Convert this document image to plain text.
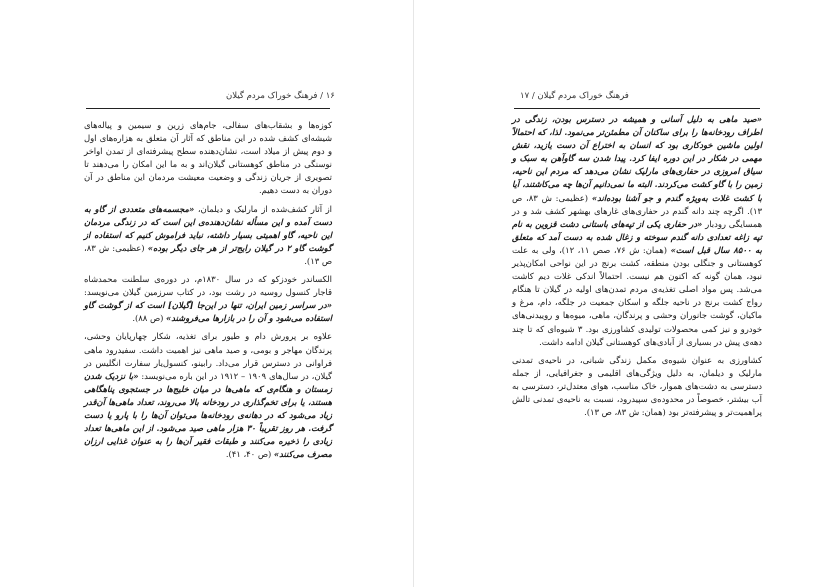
۱۶ / فرهنگ خوراک مردم گیلان

کوزه‌ها و بشقاب‌های سفالی، جام‌های زرین و سیمین و پیاله‌های شیشه‌ای کشف شده در این مناطق که آثار آن متعلق به هزاره‌های اول و دوم پیش از میلاد است، نشان‌دهنده سطح پیشرفته‌ای از تمدن اواخر نوسنگی در مناطق کوهستانی گیلان‌اند و به ما این امکان را می‌دهند تا تصویری از جریان زندگی و وضعیت معیشت مردمان این مناطق در آن دوران به دست دهیم.

از آثار کشف‌شده از مارلیک و دیلمان، «مجسمه‌های متعددی از گاو به دست آمده و این مسأله نشان‌دهنده‌ی این است که در زندگی مردمان این ناحیه، گاو اهمیتی بسیار داشته، نباید فراموش کنیم که استفاده از گوشت گاو ۲ در گیلان رایج‌تر از هر جای دیگر بوده» (عظیمی: ش ۸۳، ص ۱۳).

الکساندر خودزکو که در سال ۱۸۳۰م، در دوره‌ی سلطنت محمدشاه قاجار کنسول روسیه در رشت بود، در کتاب سرزمین گیلان می‌نویسد: «در سراسر زمین ایران، تنها در این‌جا [گیلان] است که از گوشت گاو استفاده می‌شود و آن را در بازارها می‌فروشند» (ص ۸۸).

علاوه بر پرورش دام و طیور برای تغذیه، شکار چهارپایان وحشی، پرندگان مهاجر و بومی، و صید ماهی نیز اهمیت داشت. سفیدرود ماهی فراوانی در دسترس قرار می‌داد. رابینو، کنسول‌یار سفارت انگلیس در گیلان، در سال‌های ۱۹۰۹ – ۱۹۱۲ در این باره می‌نویسد: «با نزدیک شدن زمستان و هنگام‌ی که ماهی‌ها در میان خلیج‌ها در جستجوی پناهگاهی هستند، یا برای تخم‌گذاری در رودخانه بالا می‌روند، تعداد ماهی‌ها آن‌قدر زیاد می‌شود که در دهانه‌ی رودخانه‌ها می‌توان آن‌ها را با پارو یا دست گرفت. هر روز تقریباً ۳۰ هزار ماهی صید می‌شود. از این ماهی‌ها تعداد زیادی را ذخیره می‌کنند و طبقات فقیر آن‌ها را به عنوان غذایی ارزان مصرف می‌کنند» (ص ۴۰، ۴۱).

فرهنگ خوراک مردم گیلان / ۱۷

«صید ماهی به دلیل آسانی و همیشه در دسترس بودن، زندگی در اطراف رودخانه‌ها را برای ساکنان آن مطمئن‌تر می‌نمود. لذا، که احتمالاً اولین ماشین خودکاری بود که انسان به اختراع آن دست یازید، نقش مهمی در شکار در این دوره ایفا کرد. پیدا شدن سه گاوآهن به سبک و سیاق امروزی در حفاری‌های مارلیک نشان می‌دهد که مردم این ناحیه، زمین را با گاو کشت می‌کردند. البته ما نمی‌دانیم آن‌ها چه می‌کاشتند، آیا با کشت غلات به‌ویژه گندم و جو آشنا بوده‌اند» (عظیمی: ش ۸۳، ص ۱۳). اگرچه چند دانه گندم در حفاری‌های غارهای بهشهر کشف شد و در همسایگی رودبار «در حفاری یکی از تپه‌های باستانی دشت قزوین به نام تپه زاغه تعدادی دانه گندم سوخته و زغال شده به دست آمد که متعلق به ۸۵۰۰ سال قبل است» (همان: ش ۷۶، صص ۱۱، ۱۲)، ولی به علت کوهستانی و جنگلی بودن منطقه، کشت برنج در این نواحی امکان‌پذیر نبود، همان گونه که اکنون هم نیست. احتمالاً اندکی غلات دیم کاشت می‌شد. پس مواد اصلی تغذیه‌ی مردم تمدن‌های اولیه در گیلان تا هنگام رواج کشت برنج در ناحیه جلگه و اسکان جمعیت در جلگه، دام، مرغ و ماکیان، گوشت جانوران وحشی و پرندگان، ماهی، میوه‌ها و روییدنی‌های خودرو و نیز کمی محصولات تولیدی کشاورزی بود. ۳ شیوه‌ای که تا چند دهه‌ی پیش در بسیاری از آبادی‌های کوهستانی گیلان ادامه داشت.

کشاورزی به عنوان شیوه‌ی مکمل زندگی شبانی، در ناحیه‌ی تمدنی مارلیک و دیلمان، به دلیل ویژگی‌های اقلیمی و جغرافیایی، از جمله دسترسی به دشت‌های هموار، خاک مناسب، هوای معتدل‌تر، دسترسی به آب بیشتر، خصوصاً در محدوده‌ی سپیدرود، نسبت به ناحیه‌ی تمدنی تالش پراهمیت‌تر و پیشرفته‌تر بود (همان: ش ۸۳، ص ۱۳).
